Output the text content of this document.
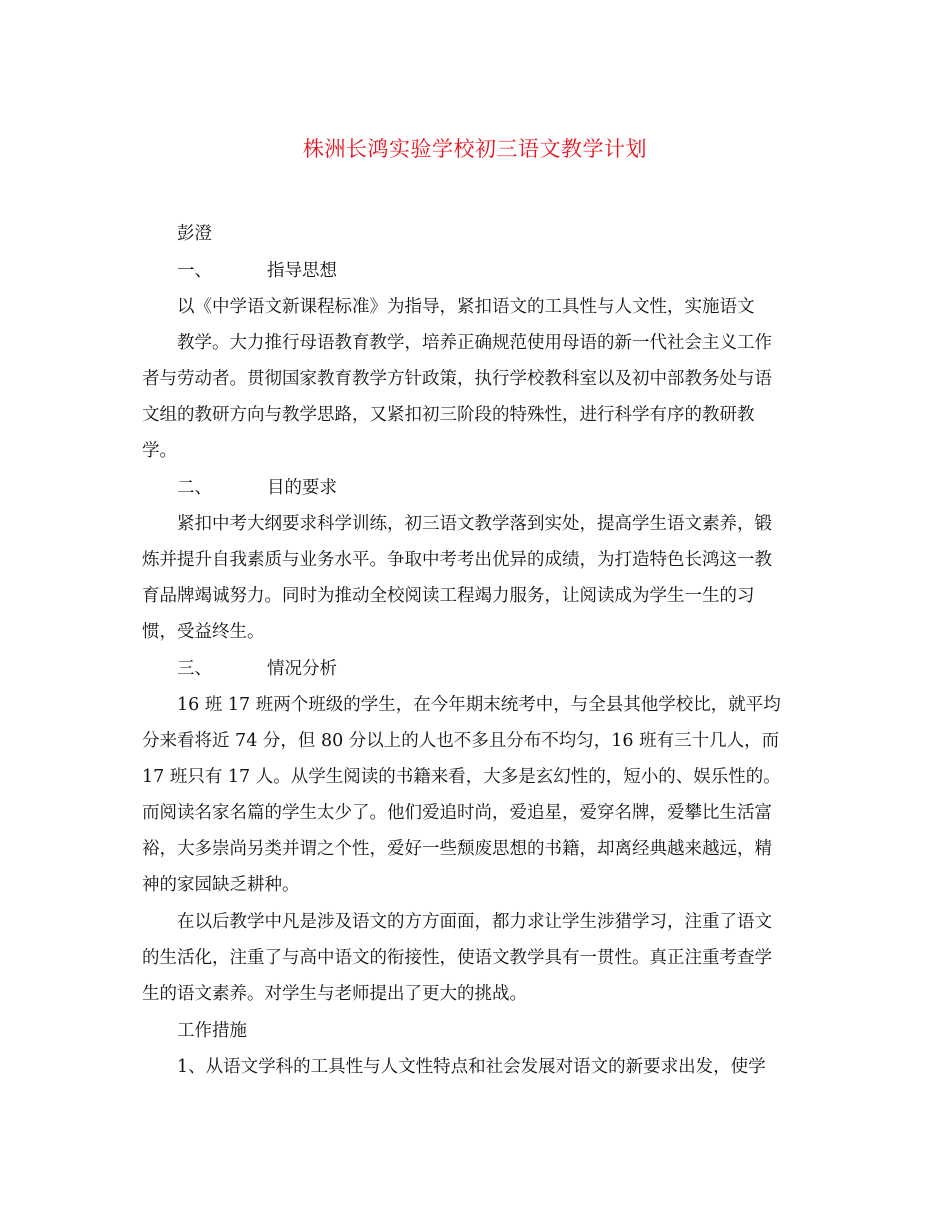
株洲长鸿实验学校初三语文教学计划
彭澄
一、	指导思想
以《中学语文新课程标准》为指导，紧扣语文的工具性与人文性，实施语文
教学。大力推行母语教育教学，培养正确规范使用母语的新一代社会主义工作
者与劳动者。贯彻国家教育教学方针政策，执行学校教科室以及初中部教务处与语
文组的教研方向与教学思路，又紧扣初三阶段的特殊性，进行科学有序的教研教
学。
二、	目的要求
紧扣中考大纲要求科学训练，初三语文教学落到实处，提高学生语文素养，锻
炼并提升自我素质与业务水平。争取中考考出优异的成绩，为打造特色长鸿这一教
育品牌竭诚努力。同时为推动全校阅读工程竭力服务，让阅读成为学生一生的习
惯，受益终生。
三、	情况分析
16 班 17 班两个班级的学生，在今年期末统考中，与全县其他学校比，就平均
分来看将近 74 分，但 80 分以上的人也不多且分布不均匀，16 班有三十几人，而
17 班只有 17 人。从学生阅读的书籍来看，大多是玄幻性的，短小的、娱乐性的。
而阅读名家名篇的学生太少了。他们爱追时尚，爱追星，爱穿名牌，爱攀比生活富
裕，大多崇尚另类并谓之个性，爱好一些颓废思想的书籍，却离经典越来越远，精
神的家园缺乏耕种。
在以后教学中凡是涉及语文的方方面面，都力求让学生涉猎学习，注重了语文
的生活化，注重了与高中语文的衔接性，使语文教学具有一贯性。真正注重考查学
生的语文素养。对学生与老师提出了更大的挑战。
工作措施
1、从语文学科的工具性与人文性特点和社会发展对语文的新要求出发，使学
